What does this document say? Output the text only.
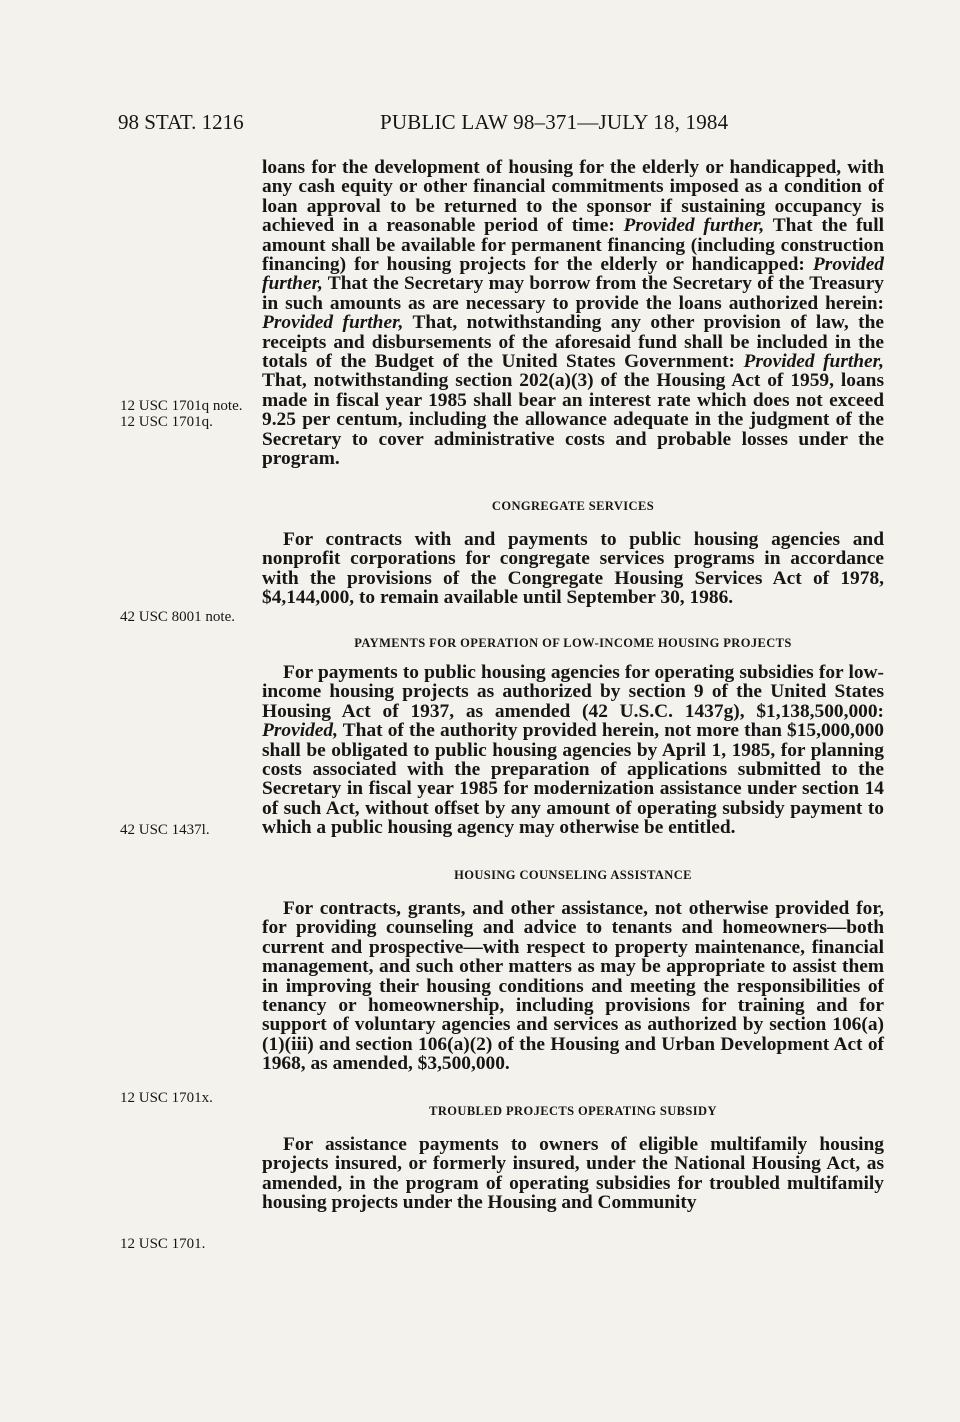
98 STAT. 1216	PUBLIC LAW 98–371—JULY 18, 1984
12 USC 1701q note.
12 USC 1701q.
42 USC 8001 note.
42 USC 1437l.
12 USC 1701x.
12 USC 1701.

loans for the development of housing for the elderly or handicapped, with any cash equity or other financial commitments imposed as a condition of loan approval to be returned to the sponsor if sustaining occupancy is achieved in a reasonable period of time: Provided further, That the full amount shall be available for permanent financing (including construction financing) for housing projects for the elderly or handicapped: Provided further, That the Secretary may borrow from the Secretary of the Treasury in such amounts as are necessary to provide the loans authorized herein: Provided further, That, notwithstanding any other provision of law, the receipts and disbursements of the aforesaid fund shall be included in the totals of the Budget of the United States Government: Provided further, That, notwithstanding section 202(a)(3) of the Housing Act of 1959, loans made in fiscal year 1985 shall bear an interest rate which does not exceed 9.25 per centum, including the allowance adequate in the judgment of the Secretary to cover administrative costs and probable losses under the program.

CONGREGATE SERVICES

For contracts with and payments to public housing agencies and nonprofit corporations for congregate services programs in accordance with the provisions of the Congregate Housing Services Act of 1978, $4,144,000, to remain available until September 30, 1986.

PAYMENTS FOR OPERATION OF LOW-INCOME HOUSING PROJECTS

For payments to public housing agencies for operating subsidies for low-income housing projects as authorized by section 9 of the United States Housing Act of 1937, as amended (42 U.S.C. 1437g), $1,138,500,000: Provided, That of the authority provided herein, not more than $15,000,000 shall be obligated to public housing agencies by April 1, 1985, for planning costs associated with the preparation of applications submitted to the Secretary in fiscal year 1985 for modernization assistance under section 14 of such Act, without offset by any amount of operating subsidy payment to which a public housing agency may otherwise be entitled.

HOUSING COUNSELING ASSISTANCE

For contracts, grants, and other assistance, not otherwise provided for, for providing counseling and advice to tenants and homeowners—both current and prospective—with respect to property maintenance, financial management, and such other matters as may be appropriate to assist them in improving their housing conditions and meeting the responsibilities of tenancy or homeownership, including provisions for training and for support of voluntary agencies and services as authorized by section 106(a)(1)(iii) and section 106(a)(2) of the Housing and Urban Development Act of 1968, as amended, $3,500,000.

TROUBLED PROJECTS OPERATING SUBSIDY

For assistance payments to owners of eligible multifamily housing projects insured, or formerly insured, under the National Housing Act, as amended, in the program of operating subsidies for troubled multifamily housing projects under the Housing and Community
